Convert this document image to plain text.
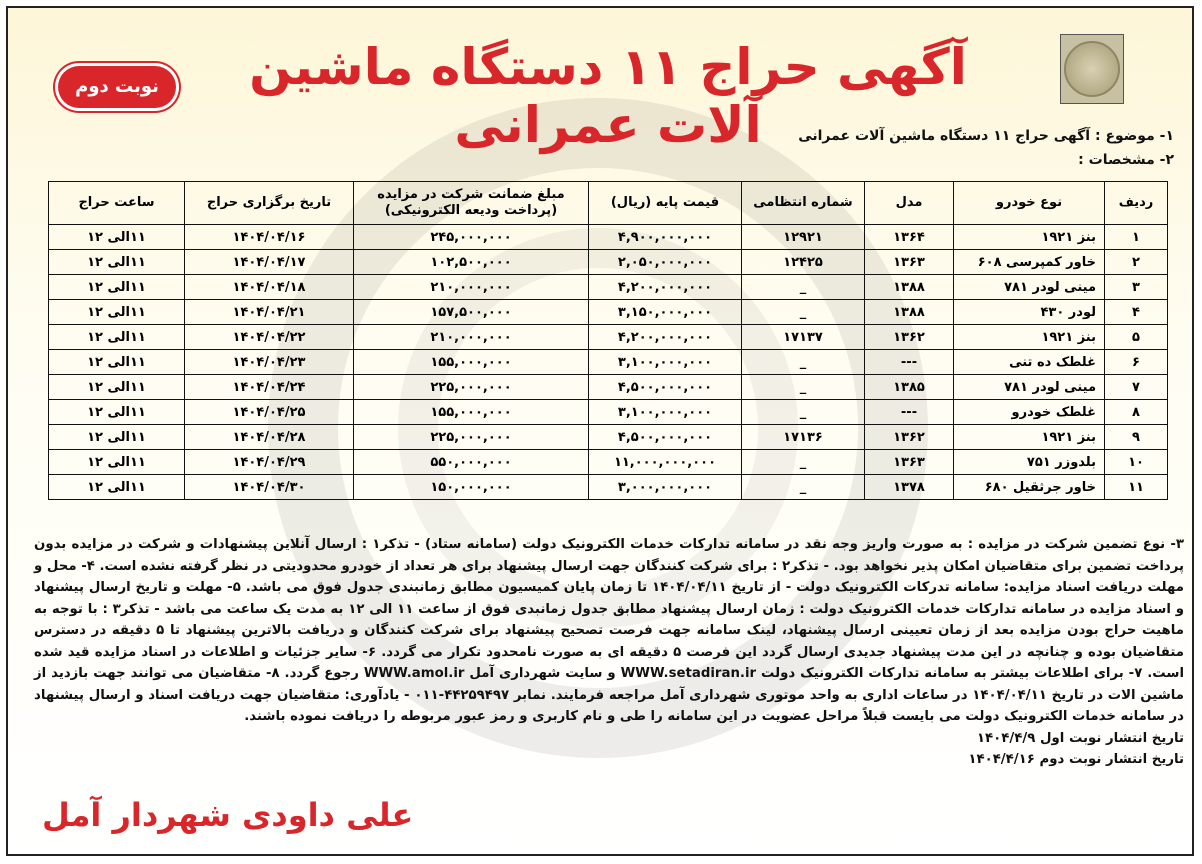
آگهی حراج ۱۱ دستگاه ماشین آلات عمرانی
نوبت دوم
۱- موضوع : آگهی حراج ۱۱ دستگاه ماشین آلات عمرانی
۲- مشخصات :
ردیف	نوع خودرو	مدل	شماره انتظامی	قیمت پایه (ریال)	مبلغ ضمانت شرکت در مزایده (پرداخت ودیعه الکترونیکی)	تاریخ برگزاری حراج	ساعت حراج
۱	بنز ۱۹۲۱	۱۳۶۴	۱۲۹۲۱	۴,۹۰۰,۰۰۰,۰۰۰	۲۴۵,۰۰۰,۰۰۰	۱۴۰۴/۰۴/۱۶	۱۱الی ۱۲
۲	خاور کمپرسی ۶۰۸	۱۳۶۳	۱۲۴۲۵	۲,۰۵۰,۰۰۰,۰۰۰	۱۰۲,۵۰۰,۰۰۰	۱۴۰۴/۰۴/۱۷	۱۱الی ۱۲
۳	مینی لودر ۷۸۱	۱۳۸۸	_	۴,۲۰۰,۰۰۰,۰۰۰	۲۱۰,۰۰۰,۰۰۰	۱۴۰۴/۰۴/۱۸	۱۱الی ۱۲
۴	لودر ۴۳۰	۱۳۸۸	_	۳,۱۵۰,۰۰۰,۰۰۰	۱۵۷,۵۰۰,۰۰۰	۱۴۰۴/۰۴/۲۱	۱۱الی ۱۲
۵	بنز ۱۹۲۱	۱۳۶۲	۱۷۱۳۷	۴,۲۰۰,۰۰۰,۰۰۰	۲۱۰,۰۰۰,۰۰۰	۱۴۰۴/۰۴/۲۲	۱۱الی ۱۲
۶	غلطک ده تنی	---	_	۳,۱۰۰,۰۰۰,۰۰۰	۱۵۵,۰۰۰,۰۰۰	۱۴۰۴/۰۴/۲۳	۱۱الی ۱۲
۷	مینی لودر ۷۸۱	۱۳۸۵	_	۴,۵۰۰,۰۰۰,۰۰۰	۲۲۵,۰۰۰,۰۰۰	۱۴۰۴/۰۴/۲۴	۱۱الی ۱۲
۸	غلطک خودرو	---	_	۳,۱۰۰,۰۰۰,۰۰۰	۱۵۵,۰۰۰,۰۰۰	۱۴۰۴/۰۴/۲۵	۱۱الی ۱۲
۹	بنز ۱۹۲۱	۱۳۶۲	۱۷۱۳۶	۴,۵۰۰,۰۰۰,۰۰۰	۲۲۵,۰۰۰,۰۰۰	۱۴۰۴/۰۴/۲۸	۱۱الی ۱۲
۱۰	بلدوزر ۷۵۱	۱۳۶۳	_	۱۱,۰۰۰,۰۰۰,۰۰۰	۵۵۰,۰۰۰,۰۰۰	۱۴۰۴/۰۴/۲۹	۱۱الی ۱۲
۱۱	خاور جرثقیل ۶۸۰	۱۳۷۸	_	۳,۰۰۰,۰۰۰,۰۰۰	۱۵۰,۰۰۰,۰۰۰	۱۴۰۴/۰۴/۳۰	۱۱الی ۱۲

۳- نوع تضمین شرکت در مزایده : به صورت واریز وجه نقد در سامانه تدارکات خدمات الکترونیک دولت (سامانه ستاد) - تذکر۱ : ارسال آنلاین پیشنهادات و شرکت در مزایده بدون پرداخت تضمین برای متقاضیان امکان پذیر نخواهد بود. - تذکر۲ : برای شرکت کنندگان جهت ارسال پیشنهاد برای هر تعداد از خودرو محدودیتی در نظر گرفته نشده است. ۴- محل و مهلت دریافت اسناد مزایده: سامانه تدرکات الکترونیک دولت - از تاریخ ۱۴۰۴/۰۴/۱۱ تا زمان پایان کمیسیون مطابق زمانبندی جدول فوق می باشد. ۵- مهلت و تاریخ ارسال پیشنهاد و اسناد مزایده در سامانه تدارکات خدمات الکترونیک دولت : زمان ارسال پیشنهاد مطابق جدول زمانبدی فوق از ساعت ۱۱ الی ۱۲ به مدت یک ساعت می باشد - تذکر۳ : با توجه به ماهیت حراج بودن مزایده بعد از زمان تعیینی ارسال پیشنهاد، لینک سامانه جهت فرصت تصحیح پیشنهاد برای شرکت کنندگان و دریافت بالاترین پیشنهاد تا ۵ دقیقه در دسترس متقاضیان بوده و چنانچه در این مدت پیشنهاد جدیدی ارسال گردد این فرصت ۵ دقیقه ای به صورت نامحدود تکرار می گردد. ۶- سایر جزئیات و اطلاعات در اسناد مزایده قید شده است. ۷- برای اطلاعات بیشتر به سامانه تدارکات الکترونیک دولت WWW.setadiran.ir و سایت شهرداری آمل WWW.amol.ir رجوع گردد. ۸- متقاضیان می توانند جهت بازدید از ماشین الات در تاریخ ۱۴۰۴/۰۴/۱۱ در ساعات اداری به واحد موتوری شهرداری آمل مراجعه فرمایند. نمابر ۴۴۲۵۹۴۹۷-۰۱۱ - یادآوری: متقاضیان جهت دریافت اسناد و ارسال پیشنهاد در سامانه خدمات الکترونیک دولت می بایست قبلاً مراحل عضویت در این سامانه را طی و نام کاربری و رمز عبور مربوطه را دریافت نموده باشند.

تاریخ انتشار نوبت اول ۱۴۰۴/۴/۹

تاریخ انتشار نوبت دوم ۱۴۰۴/۴/۱۶

علی داودی شهردار آمل
